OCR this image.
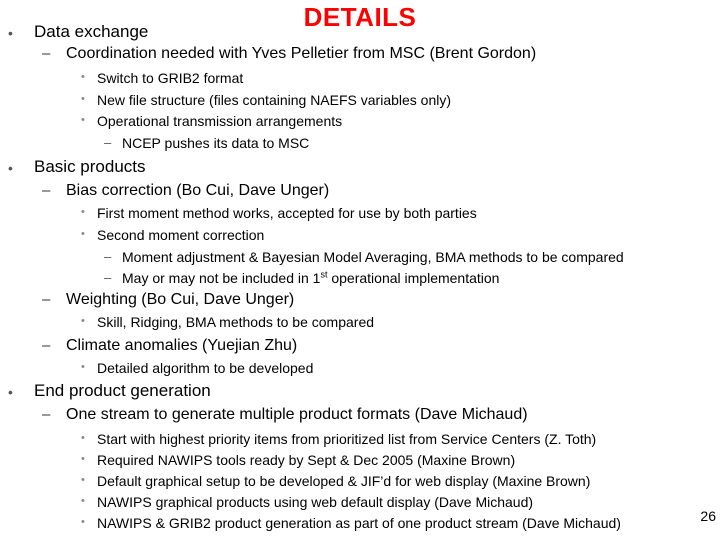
DETAILS
• Data exchange
– Coordination needed with Yves Pelletier from MSC (Brent Gordon)
• Switch to GRIB2 format
• New file structure (files containing NAEFS variables only)
• Operational transmission arrangements
– NCEP pushes its data to MSC
• Basic products
– Bias correction (Bo Cui, Dave Unger)
• First moment method works, accepted for use by both parties
• Second moment correction
– Moment adjustment & Bayesian Model Averaging, BMA methods to be compared
– May or may not be included in 1st operational implementation
– Weighting (Bo Cui, Dave Unger)
• Skill, Ridging, BMA methods to be compared
– Climate anomalies (Yuejian Zhu)
• Detailed algorithm to be developed
• End product generation
– One stream to generate multiple product formats (Dave Michaud)
• Start with highest priority items from prioritized list from Service Centers (Z. Toth)
• Required NAWIPS tools ready by Sept & Dec 2005 (Maxine Brown)
• Default graphical setup to be developed & JIF’d for web display (Maxine Brown)
• NAWIPS graphical products using web default display (Dave Michaud)
• NAWIPS & GRIB2 product generation as part of one product stream (Dave Michaud)	26
